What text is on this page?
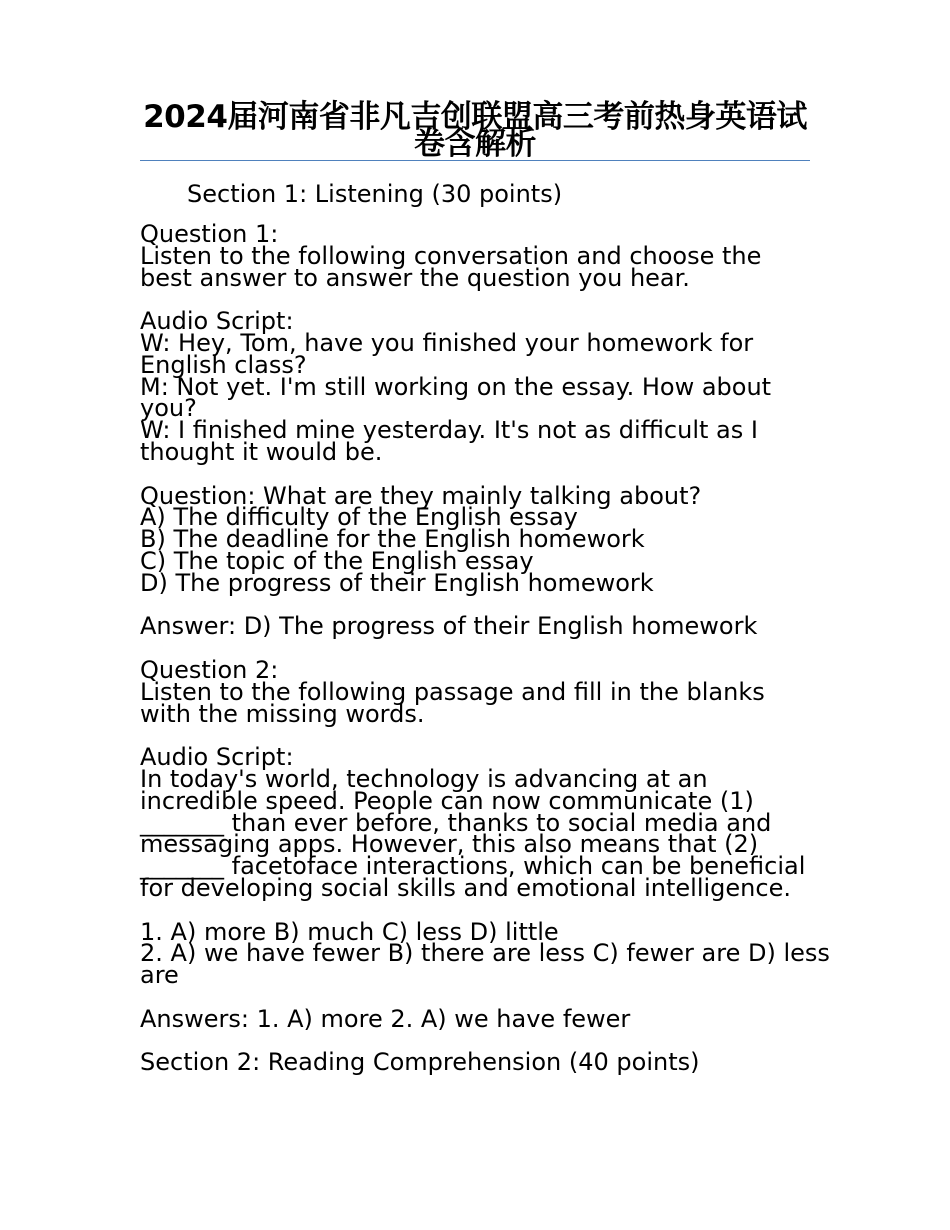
2024届河南省非凡吉创联盟高三考前热身英语试卷含解析
Section 1: Listening (30 points)

Question 1:

Listen to the following conversation and choose the

best answer to answer the question you hear.

Audio Script:

W: Hey, Tom, have you finished your homework for

English class?

M: Not yet. I'm still working on the essay. How about

you?

W: I finished mine yesterday. It's not as difficult as I

thought it would be.

Question: What are they mainly talking about?

A) The difficulty of the English essay

B) The deadline for the English homework

C) The topic of the English essay

D) The progress of their English homework

Answer: D) The progress of their English homework

Question 2:

Listen to the following passage and fill in the blanks

with the missing words.

Audio Script:

In today's world, technology is advancing at an

incredible speed. People can now communicate (1)

_______ than ever before, thanks to social media and

messaging apps. However, this also means that (2)

_______ facetoface interactions, which can be beneficial

for developing social skills and emotional intelligence.

1. A) more B) much C) less D) little

2. A) we have fewer B) there are less C) fewer are D) less

are

Answers: 1. A) more 2. A) we have fewer

Section 2: Reading Comprehension (40 points)
